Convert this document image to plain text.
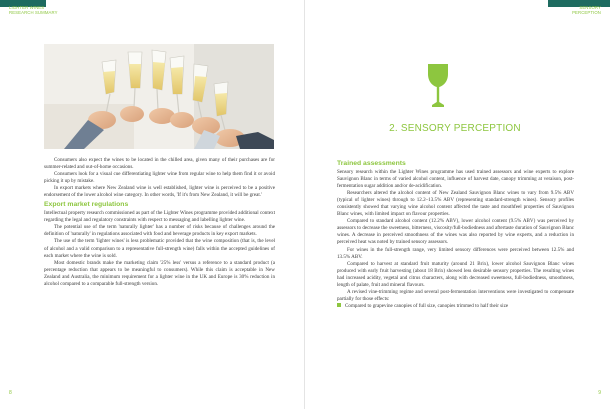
LIGHTER WINES
RESEARCH SUMMARY

Consumers also expect the wines to be located in the chilled area, given many of their purchases are for summer-related and out-of-home occasions.

Consumers look for a visual cue differentiating lighter wine from regular wine to help them find it or avoid picking it up by mistake.

In export markets where New Zealand wine is well established, lighter wine is perceived to be a positive endorsement of the lower alcohol wine category. In other words, 'If it's from New Zealand, it will be great.'

Export market regulations

Intellectual property research commissioned as part of the Lighter Wines programme provided additional context regarding the legal and regulatory constraints with respect to messaging and labelling lighter wine.

The potential use of the term 'naturally lighter' has a number of risks because of challenges around the definition of 'naturally' in regulations associated with food and beverage products in key export markets.

The use of the term 'lighter wines' is less problematic provided that the wine composition (that is, the level of alcohol and a valid comparison to a representative full-strength wine) falls within the accepted guidelines of each market where the wine is sold.

Most domestic brands make the marketing claim '25% less' versus a reference to a standard product (a percentage reduction that appears to be meaningful to consumers). While this claim is acceptable in New Zealand and Australia, the minimum requirement for a lighter wine in the UK and Europe is 30% reduction in alcohol compared to a comparable full-strength version.

8
SENSORY
PERCEPTION
2. SENSORY PERCEPTION
Trained assessments

Sensory research within the Lighter Wines programme has used trained assessors and wine experts to explore Sauvignon Blanc in terms of varied alcohol content, influence of harvest date, canopy trimming at veraison, post-fermentation sugar addition and/or de-acidification.

Researchers altered the alcohol content of New Zealand Sauvignon Blanc wines to vary from 9.5% ABV (typical of lighter wines) through to 12.2–13.5% ABV (representing standard-strength wines). Sensory profiles consistently showed that varying wine alcohol content affected the taste and mouthfeel properties of Sauvignon Blanc wines, with limited impact on flavour properties.

Compared to standard alcohol content (12.2% ABV), lower alcohol content (9.5% ABV) was perceived by assessors to decrease the sweetness, bitterness, viscosity/full-bodiedness and aftertaste duration of Sauvignon Blanc wines. A decrease in perceived smoothness of the wines was also reported by wine experts, and a reduction in perceived heat was noted by trained sensory assessors.

For wines in the full-strength range, very limited sensory differences were perceived between 12.5% and 13.5% ABV.

Compared to harvest at standard fruit maturity (around 21 Brix), lower alcohol Sauvignon Blanc wines produced with early fruit harvesting (about 18 Brix) showed less desirable sensory properties. The resulting wines had increased acidity, vegetal and citrus characters, along with decreased sweetness, full-bodiedness, smoothness, length of palate, fruit and mineral flavours.

A revised vine-trimming regime and several post-fermentation interventions were investigated to compensate partially for those effects:

Compared to grapevine canopies of full size, canopies trimmed to half their size

9
